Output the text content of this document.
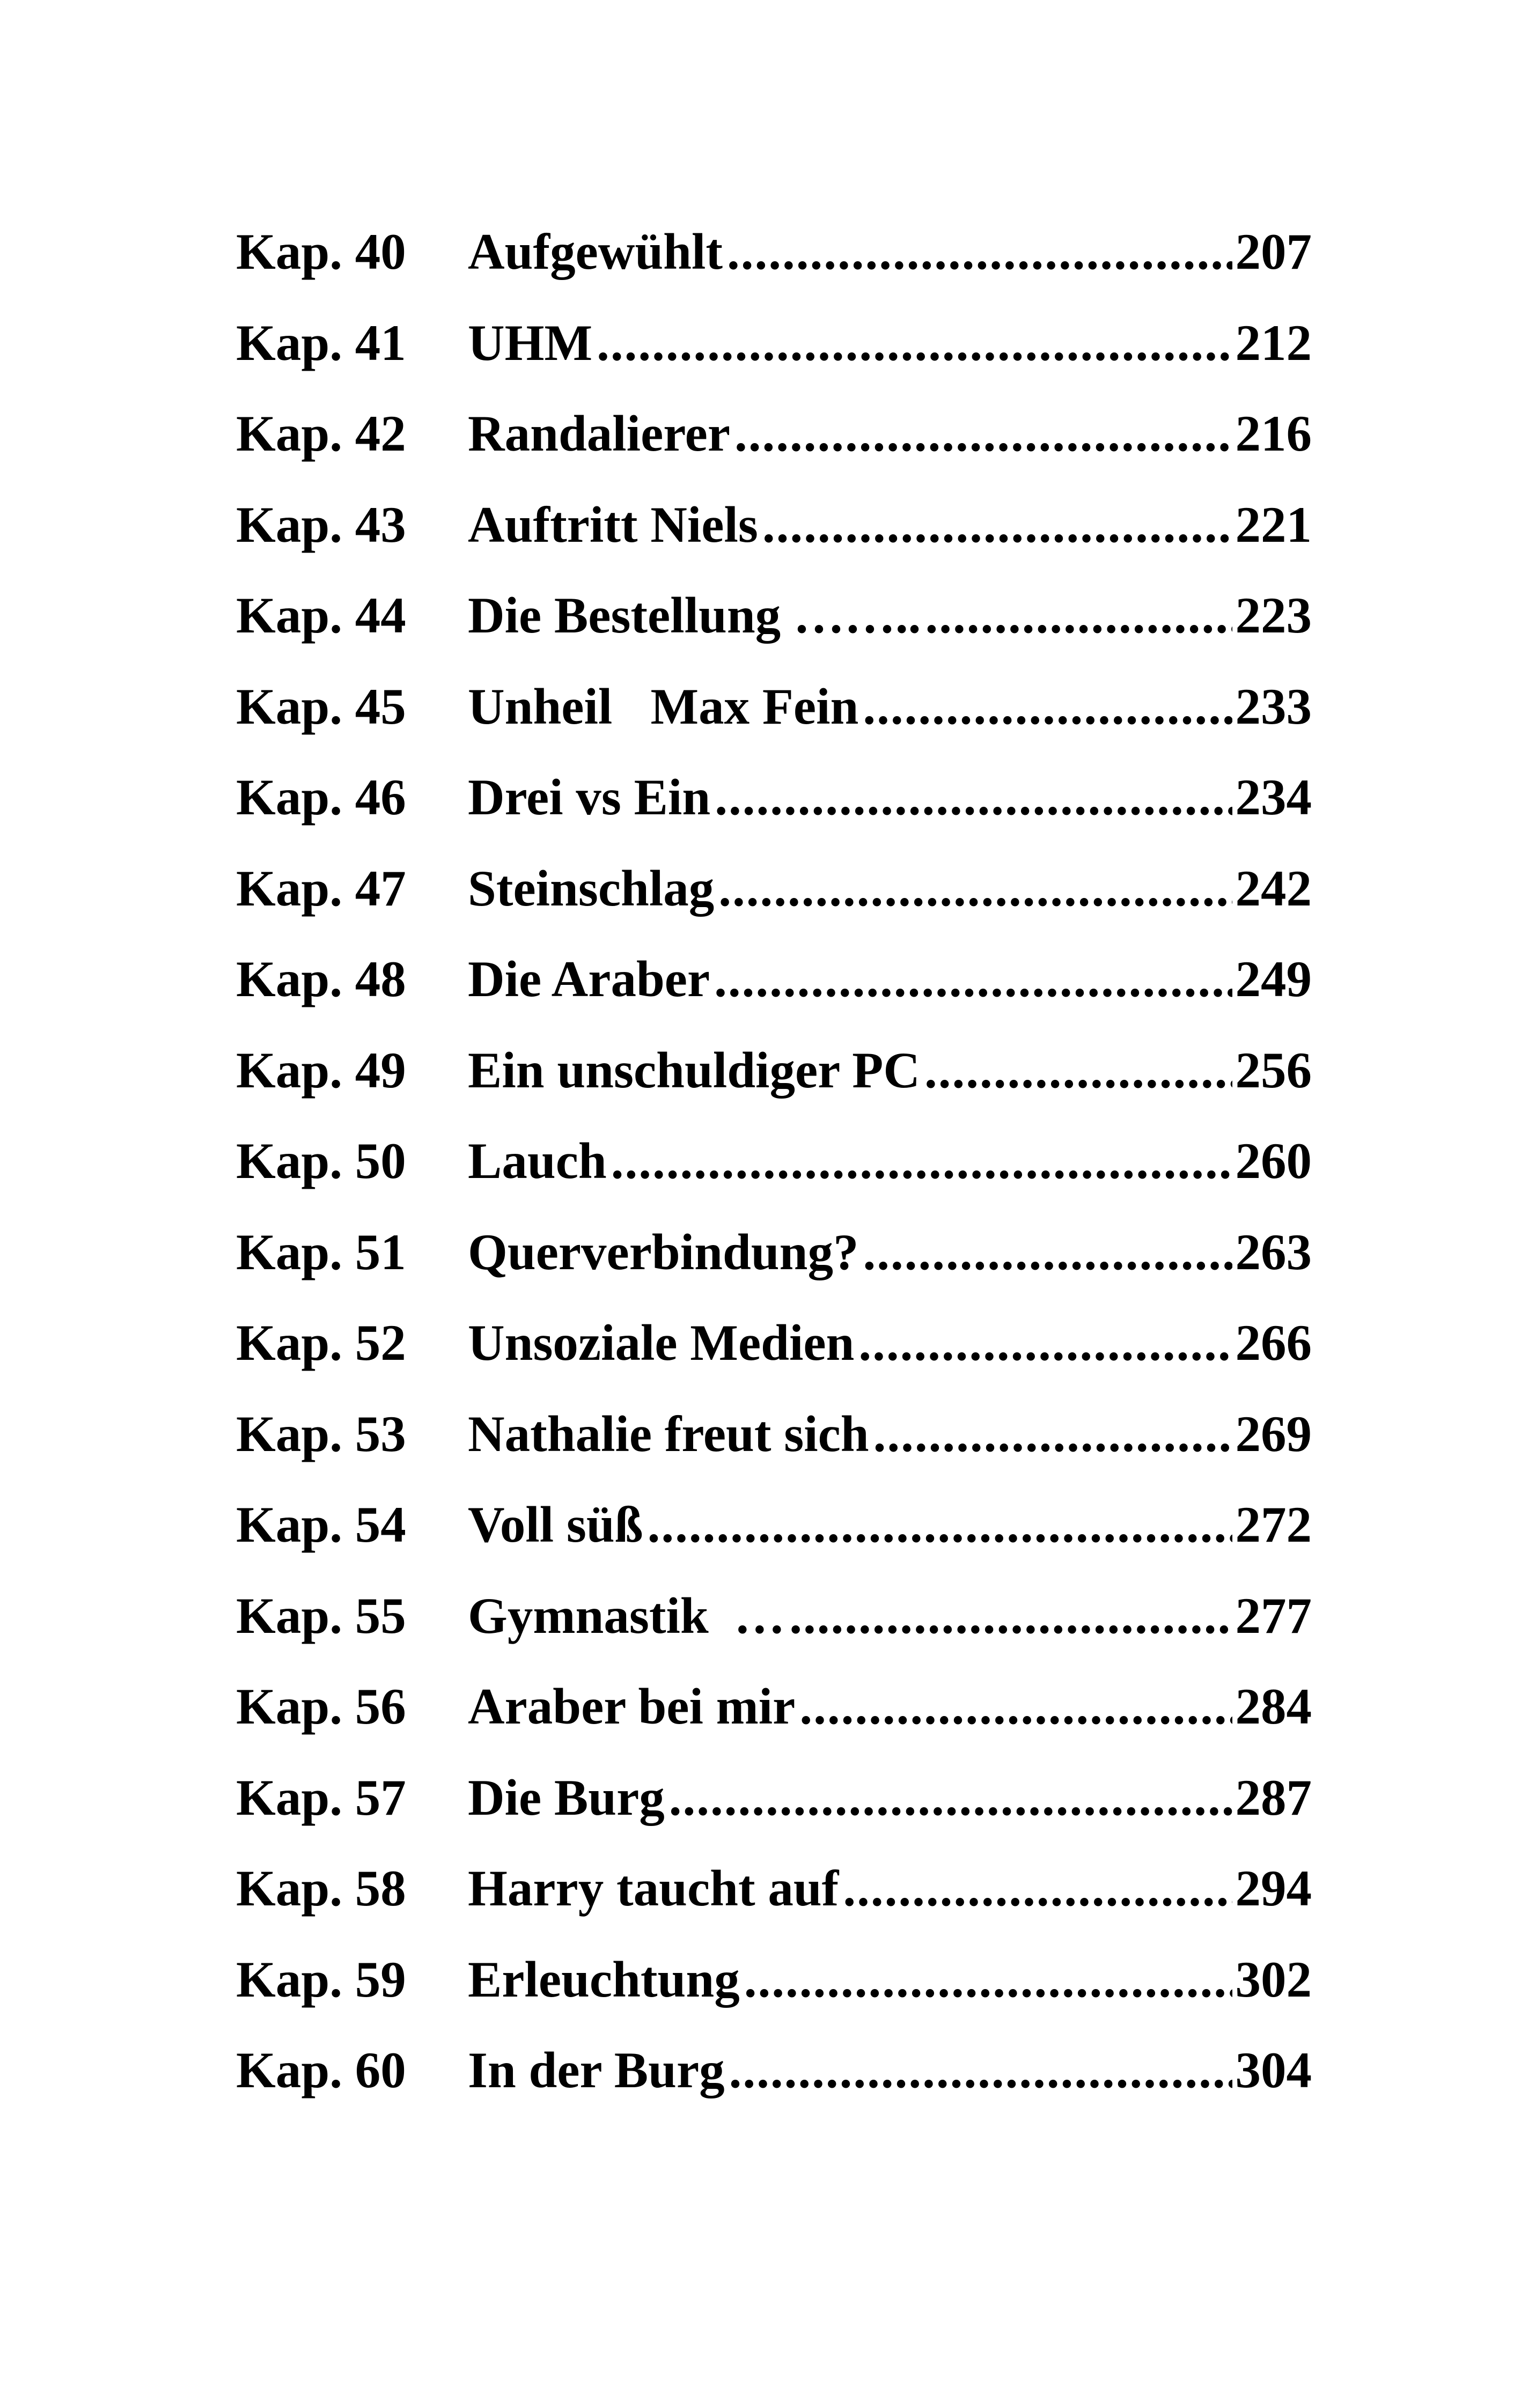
Kap. 40	Aufgewühlt .....	207
Kap. 41	UHM .....	212
Kap. 42	Randalierer .....	216
Kap. 43	Auftritt Niels .....	221
Kap. 44	Die Bestellung …….. .....	223
Kap. 45	Unheil   Max Fein .....	233
Kap. 46	Drei vs Ein .....	234
Kap. 47	Steinschlag .....	242
Kap. 48	Die Araber .....	249
Kap. 49	Ein unschuldiger PC .....	256
Kap. 50	Lauch .....	260
Kap. 51	Querverbindung? .....	263
Kap. 52	Unsoziale Medien .....	266
Kap. 53	Nathalie freut sich .....	269
Kap. 54	Voll süß .....	272
Kap. 55	Gymnastik  … .....	277
Kap. 56	Araber bei mir .....	284
Kap. 57	Die Burg .....	287
Kap. 58	Harry taucht auf .....	294
Kap. 59	Erleuchtung .....	302
Kap. 60	In der Burg .....	304
